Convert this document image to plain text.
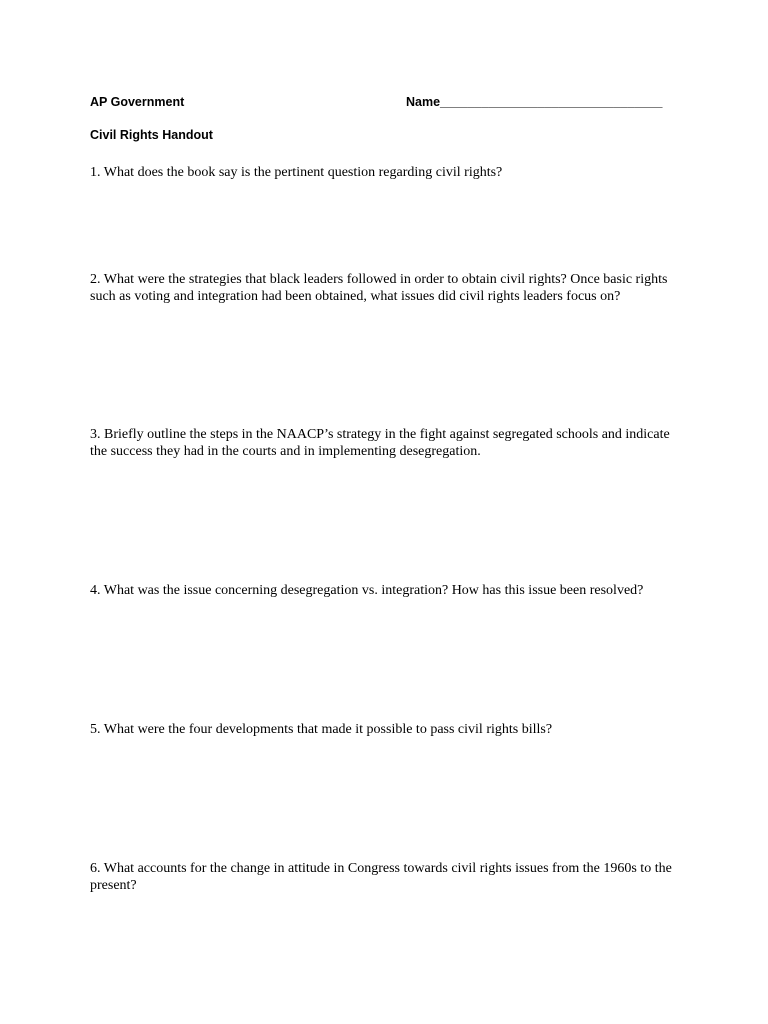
AP Government	Name________________________________
Civil Rights Handout
1. What does the book say is the pertinent question regarding civil rights?
2. What were the strategies that black leaders followed in order to obtain civil rights? Once basic rights such as voting and integration had been obtained, what issues did civil rights leaders focus on?
3. Briefly outline the steps in the NAACP’s strategy in the fight against segregated schools and indicate the success they had in the courts and in implementing desegregation.
4. What was the issue concerning desegregation vs. integration? How has this issue been resolved?
5. What were the four developments that made it possible to pass civil rights bills?
6. What accounts for the change in attitude in Congress towards civil rights issues from the 1960s to the present?
